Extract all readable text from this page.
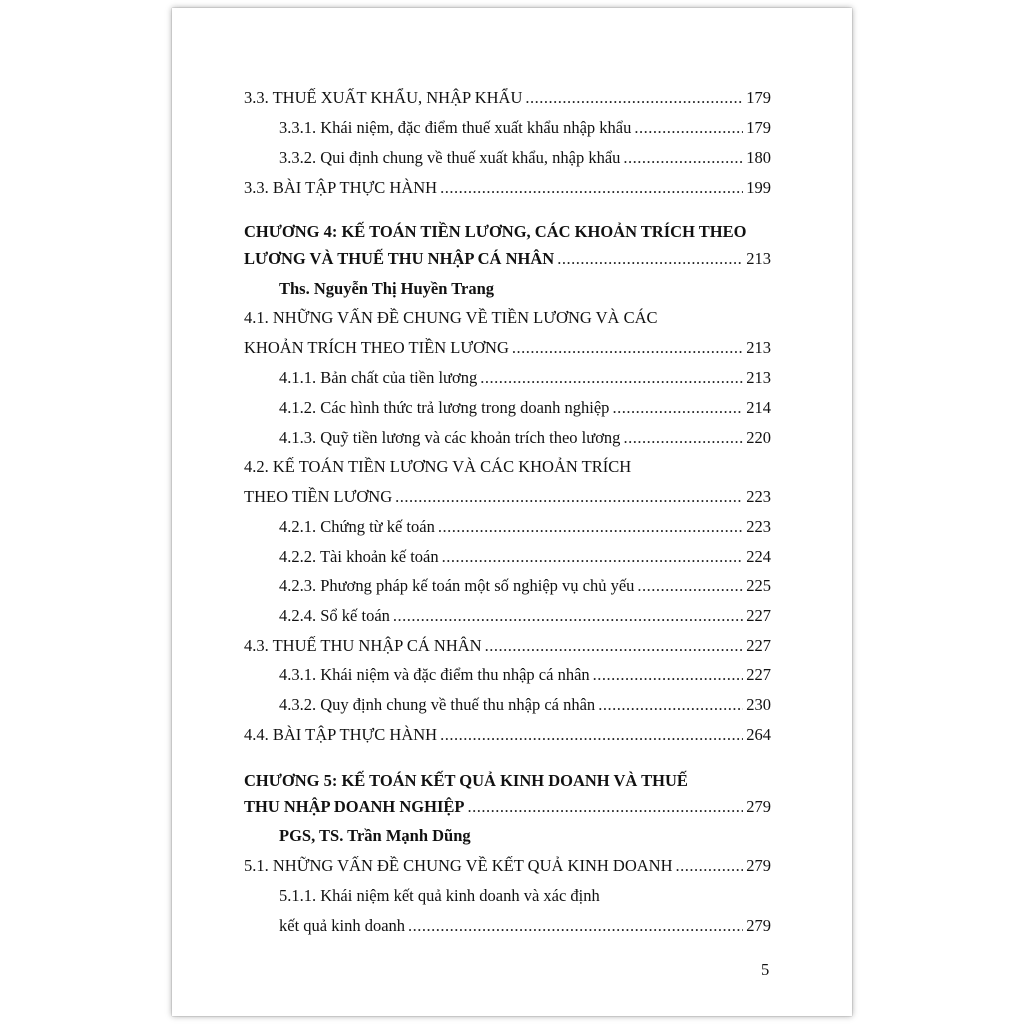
3.3. THUẾ XUẤT KHẨU, NHẬP KHẨU .....	179
3.3.1. Khái niệm, đặc điểm thuế xuất khẩu nhập khẩu .....	179
3.3.2. Qui định chung về thuế xuất khẩu, nhập khẩu .....	180
3.3. BÀI TẬP THỰC HÀNH .....	199
CHƯƠNG 4: KẾ TOÁN TIỀN LƯƠNG, CÁC KHOẢN TRÍCH THEO
LƯƠNG VÀ THUẾ THU NHẬP CÁ NHÂN .....	213
Ths. Nguyễn Thị Huyền Trang
4.1. NHỮNG VẤN ĐỀ CHUNG VỀ TIỀN LƯƠNG VÀ CÁC
KHOẢN TRÍCH THEO TIỀN LƯƠNG .....	213
4.1.1. Bản chất của tiền lương .....	213
4.1.2. Các hình thức trả lương trong doanh nghiệp .....	214
4.1.3. Quỹ tiền lương và các khoản trích theo lương .....	220
4.2. KẾ TOÁN TIỀN LƯƠNG VÀ CÁC KHOẢN TRÍCH
THEO TIỀN LƯƠNG .....	223
4.2.1. Chứng từ kế toán .....	223
4.2.2. Tài khoản kế toán .....	224
4.2.3. Phương pháp kế toán một số nghiệp vụ chủ yếu .....	225
4.2.4. Sổ kế toán .....	227
4.3. THUẾ THU NHẬP CÁ NHÂN .....	227
4.3.1. Khái niệm và đặc điểm thu nhập cá nhân .....	227
4.3.2. Quy định chung về thuế thu nhập cá nhân .....	230
4.4. BÀI TẬP THỰC HÀNH .....	264
CHƯƠNG 5: KẾ TOÁN KẾT QUẢ KINH DOANH VÀ THUẾ
THU NHẬP DOANH NGHIỆP .....	279
PGS, TS. Trần Mạnh Dũng
5.1. NHỮNG VẤN ĐỀ CHUNG VỀ KẾT QUẢ KINH DOANH .....	279
5.1.1. Khái niệm kết quả kinh doanh và xác định
kết quả kinh doanh .....	279
5
